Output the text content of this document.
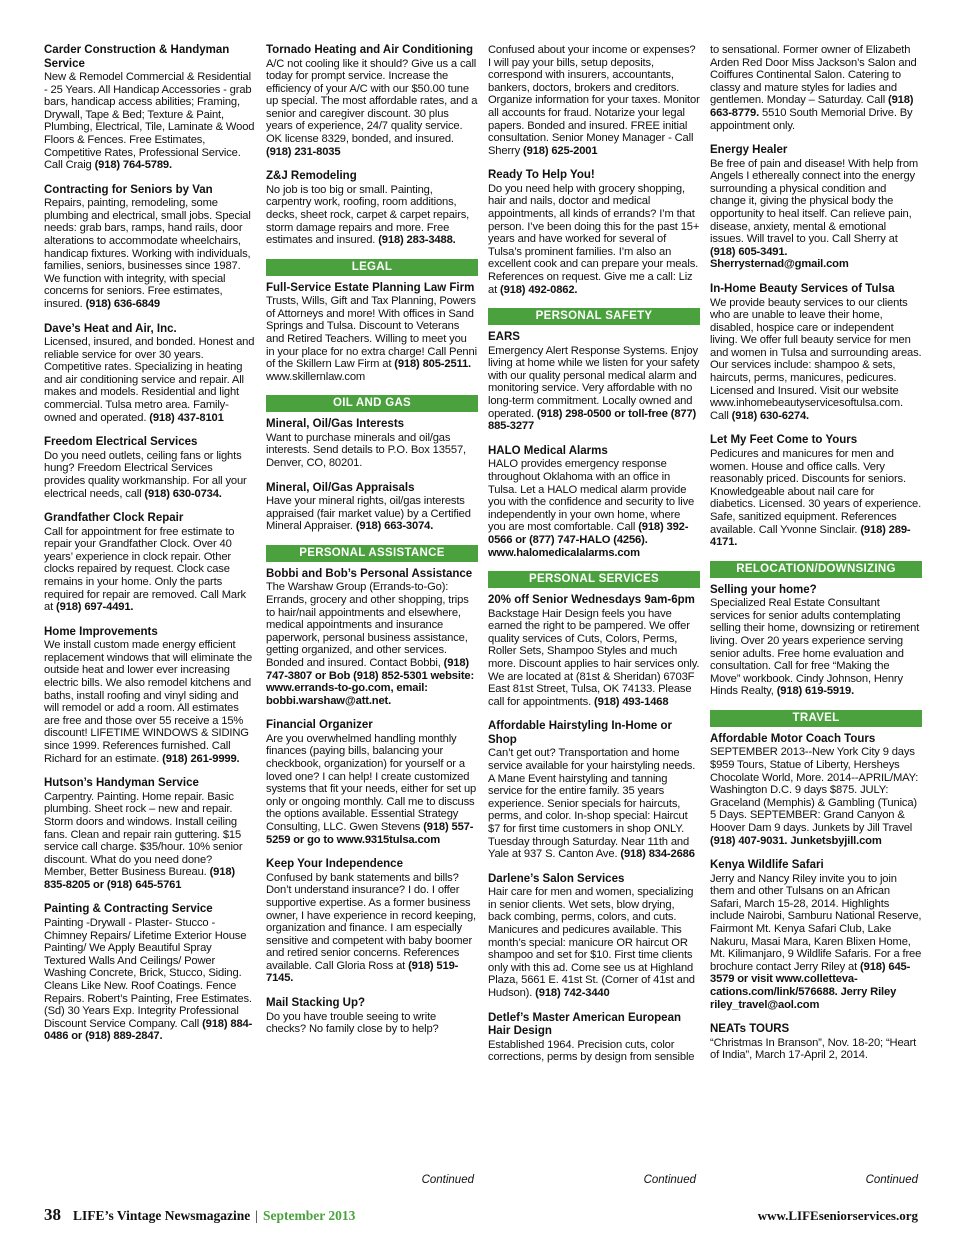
Carder Construction & Handyman Service
New & Remodel Commercial & Residential - 25 Years. All Handicap Accessories - grab bars, handicap access abilities; Framing, Drywall, Tape & Bed; Texture & Paint, Plumbing, Electrical, Tile, Laminate & Wood Floors & Fences. Free Estimates, Competitive Rates, Professional Service. Call Craig (918) 764-5789.
Contracting for Seniors by Van
Repairs, painting, remodeling, some plumbing and electrical, small jobs. Special needs: grab bars, ramps, hand rails, door alterations to accommodate wheelchairs, handicap fixtures. Working with individuals, families, seniors, businesses since 1987. We function with integrity, with special concerns for seniors. Free estimates, insured. (918) 636-6849
Dave’s Heat and Air, Inc.
Licensed, insured, and bonded. Honest and reliable service for over 30 years. Competitive rates. Specializing in heating and air conditioning service and repair. All makes and models. Residential and light commercial. Tulsa metro area. Family-owned and operated. (918) 437-8101
Freedom Electrical Services
Do you need outlets, ceiling fans or lights hung? Freedom Electrical Services provides quality workmanship. For all your electrical needs, call (918) 630-0734.
Grandfather Clock Repair
Call for appointment for free estimate to repair your Grandfather Clock. Over 40 years’ experience in clock repair. Other clocks repaired by request. Clock case remains in your home. Only the parts required for repair are removed. Call Mark at (918) 697-4491.
Home Improvements
We install custom made energy efficient replacement windows that will eliminate the outside heat and lower ever increasing electric bills. We also remodel kitchens and baths, install roofing and vinyl siding and will remodel or add a room. All estimates are free and those over 55 receive a 15% discount! LIFETIME WINDOWS & SIDING since 1999. References furnished. Call Richard for an estimate. (918) 261-9999.
Hutson’s Handyman Service
Carpentry. Painting. Home repair. Basic plumbing. Sheet rock – new and repair. Storm doors and windows. Install ceiling fans. Clean and repair rain guttering. $15 service call charge. $35/hour. 10% senior discount. What do you need done? Member, Better Business Bureau. (918) 835-8205 or (918) 645-5761
Painting & Contracting Service
Painting -Drywall - Plaster- Stucco - Chimney Repairs/ Lifetime Exterior House Painting/ We Apply Beautiful Spray Textured Walls And Ceilings/ Power Washing Concrete, Brick, Stucco, Siding. Cleans Like New. Roof Coatings. Fence Repairs. Robert’s Painting, Free Estimates. (Sd) 30 Years Exp. Integrity Professional Discount Service Company. Call (918) 884-0486 or (918) 889-2847.
Tornado Heating and Air Conditioning
A/C not cooling like it should? Give us a call today for prompt service. Increase the efficiency of your A/C with our $50.00 tune up special. The most affordable rates, and a senior and caregiver discount. 30 plus years of experience, 24/7 quality service. OK license 8329, bonded, and insured. (918) 231-8035
Z&J Remodeling
No job is too big or small. Painting, carpentry work, roofing, room additions, decks, sheet rock, carpet & carpet repairs, storm damage repairs and more. Free estimates and insured. (918) 283-3488.
LEGAL
Full-Service Estate Planning Law Firm
Trusts, Wills, Gift and Tax Planning, Powers of Attorneys and more! With offices in Sand Springs and Tulsa. Discount to Veterans and Retired Teachers. Willing to meet you in your place for no extra charge! Call Penni of the Skillern Law Firm at (918) 805-2511. www.skillernlaw.com
OIL AND GAS
Mineral, Oil/Gas Interests
Want to purchase minerals and oil/gas interests. Send details to P.O. Box 13557, Denver, CO, 80201.
Mineral, Oil/Gas Appraisals
Have your mineral rights, oil/gas interests appraised (fair market value) by a Certified Mineral Appraiser. (918) 663-3074.
PERSONAL ASSISTANCE
Bobbi and Bob’s Personal Assistance
The Warshaw Group (Errands-to-Go): Errands, grocery and other shopping, trips to hair/nail appointments and elsewhere, medical appointments and insurance paperwork, personal business assistance, getting organized, and other services. Bonded and insured. Contact Bobbi, (918) 747-3807 or Bob (918) 852-5301 website: www.errands-to-go.com, email: bobbi.warshaw@att.net.
Financial Organizer
Are you overwhelmed handling monthly finances (paying bills, balancing your checkbook, organization) for yourself or a loved one? I can help! I create customized systems that fit your needs, either for set up only or ongoing monthly. Call me to discuss the options available. Essential Strategy Consulting, LLC. Gwen Stevens (918) 557-5259 or go to www.9315tulsa.com
Keep Your Independence
Confused by bank statements and bills? Don’t understand insurance? I do. I offer supportive expertise. As a former business owner, I have experience in record keeping, organization and finance. I am especially sensitive and competent with baby boomer and retired senior concerns. References available. Call Gloria Ross at (918) 519-7145.
Mail Stacking Up?
Do you have trouble seeing to write checks? No family close by to help?
Continued
Confused about your income or expenses? I will pay your bills, setup deposits, correspond with insurers, accountants, bankers, doctors, brokers and creditors. Organize information for your taxes. Monitor all accounts for fraud. Notarize your legal papers. Bonded and insured. FREE initial consultation. Senior Money Manager - Call Sherry (918) 625-2001
Ready To Help You!
Do you need help with grocery shopping, hair and nails, doctor and medical appointments, all kinds of errands? I’m that person. I’ve been doing this for the past 15+ years and have worked for several of Tulsa’s prominent families. I’m also an excellent cook and can prepare your meals. References on request. Give me a call: Liz at (918) 492-0862.
PERSONAL SAFETY
EARS
Emergency Alert Response Systems. Enjoy living at home while we listen for your safety with our quality personal medical alarm and monitoring service. Very affordable with no long-term commitment. Locally owned and operated. (918) 298-0500 or toll-free (877) 885-3277
HALO Medical Alarms
HALO provides emergency response throughout Oklahoma with an office in Tulsa. Let a HALO medical alarm provide you with the confidence and security to live independently in your own home, where you are most comfortable. Call (918) 392-0566 or (877) 747-HALO (4256). www.halomedicalalarms.com
PERSONAL SERVICES
20% off Senior Wednesdays 9am-6pm
Backstage Hair Design feels you have earned the right to be pampered. We offer quality services of Cuts, Colors, Perms, Roller Sets, Shampoo Styles and much more. Discount applies to hair services only. We are located at (81st & Sheridan) 6703F East 81st Street, Tulsa, OK 74133. Please call for appointments. (918) 493-1468
Affordable Hairstyling In-Home or Shop
Can’t get out? Transportation and home service available for your hairstyling needs. A Mane Event hairstyling and tanning service for the entire family. 35 years experience. Senior specials for haircuts, perms, and color. In-shop special: Haircut $7 for first time customers in shop ONLY. Tuesday through Saturday. Near 11th and Yale at 937 S. Canton Ave. (918) 834-2686
Darlene’s Salon Services
Hair care for men and women, specializing in senior clients. Wet sets, blow drying, back combing, perms, colors, and cuts. Manicures and pedicures available. This month’s special: manicure OR haircut OR shampoo and set for $10. First time clients only with this ad. Come see us at Highland Plaza, 5661 E. 41st St. (Corner of 41st and Hudson). (918) 742-3440
Detlef’s Master American European Hair Design
Established 1964. Precision cuts, color corrections, perms by design from sensible
Continued
to sensational. Former owner of Elizabeth Arden Red Door Miss Jackson’s Salon and Coiffures Continental Salon. Catering to classy and mature styles for ladies and gentlemen. Monday – Saturday. Call (918) 663-8779. 5510 South Memorial Drive. By appointment only.
Energy Healer
Be free of pain and disease! With help from Angels I ethereally connect into the energy surrounding a physical condition and change it, giving the physical body the opportunity to heal itself. Can relieve pain, disease, anxiety, mental & emotional issues. Will travel to you. Call Sherry at (918) 605-3491. Sherrysternad@gmail.com
In-Home Beauty Services of Tulsa
We provide beauty services to our clients who are unable to leave their home, disabled, hospice care or independent living. We offer full beauty service for men and women in Tulsa and surrounding areas. Our services include: shampoo & sets, haircuts, perms, manicures, pedicures. Licensed and Insured. Visit our website www.inhomebeautyservicesoftulsa.com. Call (918) 630-6274.
Let My Feet Come to Yours
Pedicures and manicures for men and women. House and office calls. Very reasonably priced. Discounts for seniors. Knowledgeable about nail care for diabetics. Licensed. 30 years of experience. Safe, sanitized equipment. References available. Call Yvonne Sinclair. (918) 289-4171.
RELOCATION/DOWNSIZING
Selling your home?
Specialized Real Estate Consultant services for senior adults contemplating selling their home, downsizing or retirement living. Over 20 years experience serving senior adults. Free home evaluation and consultation. Call for free “Making the Move” workbook. Cindy Johnson, Henry Hinds Realty, (918) 619-5919.
TRAVEL
Affordable Motor Coach Tours
SEPTEMBER 2013--New York City 9 days $959 Tours, Statue of Liberty, Hersheys Chocolate World, More. 2014--APRIL/MAY: Washington D.C. 9 days $875. JULY: Graceland (Memphis) & Gambling (Tunica) 5 Days. SEPTEMBER: Grand Canyon & Hoover Dam 9 days. Junkets by Jill Travel (918) 407-9031. Junketsbyjill.com
Kenya Wildlife Safari
Jerry and Nancy Riley invite you to join them and other Tulsans on an African Safari, March 15-28, 2014. Highlights include Nairobi, Samburu National Reserve, Fairmont Mt. Kenya Safari Club, Lake Nakuru, Masai Mara, Karen Blixen Home, Mt. Kilimanjaro, 9 Wildlife Safaris. For a free brochure contact Jerry Riley at (918) 645-3579 or visit www.colletteva-cations.com/link/576688. Jerry Riley riley_travel@aol.com
NEATs TOURS
“Christmas In Branson”, Nov. 18-20; “Heart of India”, March 17-April 2, 2014.
Continued
38 LIFE’s Vintage Newsmagazine | September 2013	www.LIFEseniorservices.org
